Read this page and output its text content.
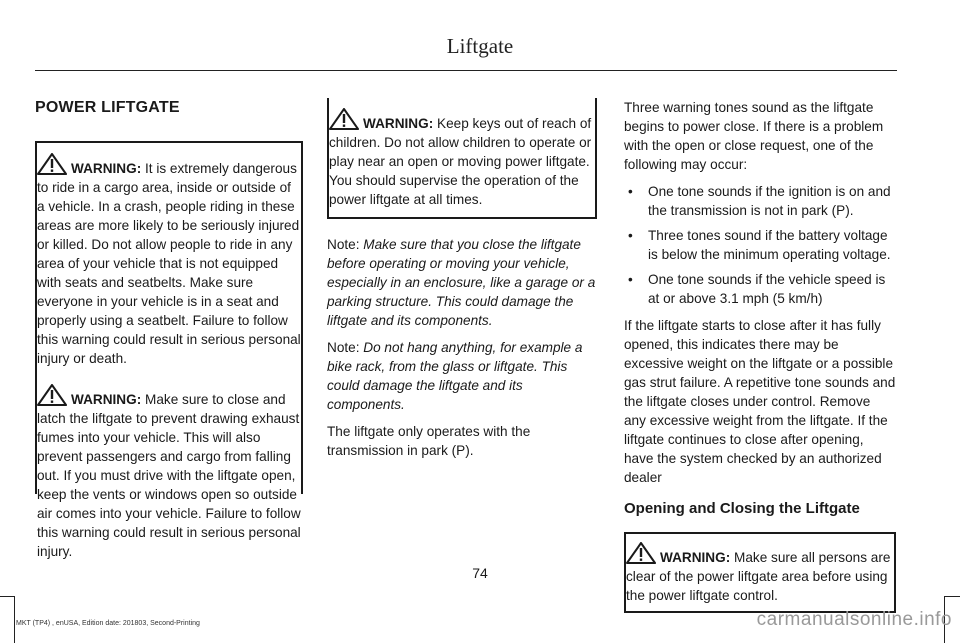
Liftgate
POWER LIFTGATE

WARNING: It is extremely dangerous to ride in a cargo area, inside or outside of a vehicle. In a crash, people riding in these areas are more likely to be seriously injured or killed. Do not allow people to ride in any area of your vehicle that is not equipped with seats and seatbelts. Make sure everyone in your vehicle is in a seat and properly using a seatbelt. Failure to follow this warning could result in serious personal injury or death.

WARNING: Make sure to close and latch the liftgate to prevent drawing exhaust fumes into your vehicle. This will also prevent passengers and cargo from falling out. If you must drive with the liftgate open, keep the vents or windows open so outside air comes into your vehicle. Failure to follow this warning could result in serious personal injury.

WARNING: Keep keys out of reach of children. Do not allow children to operate or play near an open or moving power liftgate. You should supervise the operation of the power liftgate at all times.

Note: Make sure that you close the liftgate before operating or moving your vehicle, especially in an enclosure, like a garage or a parking structure. This could damage the liftgate and its components.

Note: Do not hang anything, for example a bike rack, from the glass or liftgate. This could damage the liftgate and its components.

The liftgate only operates with the transmission in park (P).

Three warning tones sound as the liftgate begins to power close. If there is a problem with the open or close request, one of the following may occur:

• One tone sounds if the ignition is on and the transmission is not in park (P).
• Three tones sound if the battery voltage is below the minimum operating voltage.
• One tone sounds if the vehicle speed is at or above 3.1 mph (5 km/h)

If the liftgate starts to close after it has fully opened, this indicates there may be excessive weight on the liftgate or a possible gas strut failure. A repetitive tone sounds and the liftgate closes under control. Remove any excessive weight from the liftgate. If the liftgate continues to close after opening, have the system checked by an authorized dealer

Opening and Closing the Liftgate

WARNING: Make sure all persons are clear of the power liftgate area before using the power liftgate control.

74
MKT (TP4) , enUSA, Edition date: 201803, Second-Printing	carmanualsonline.info
